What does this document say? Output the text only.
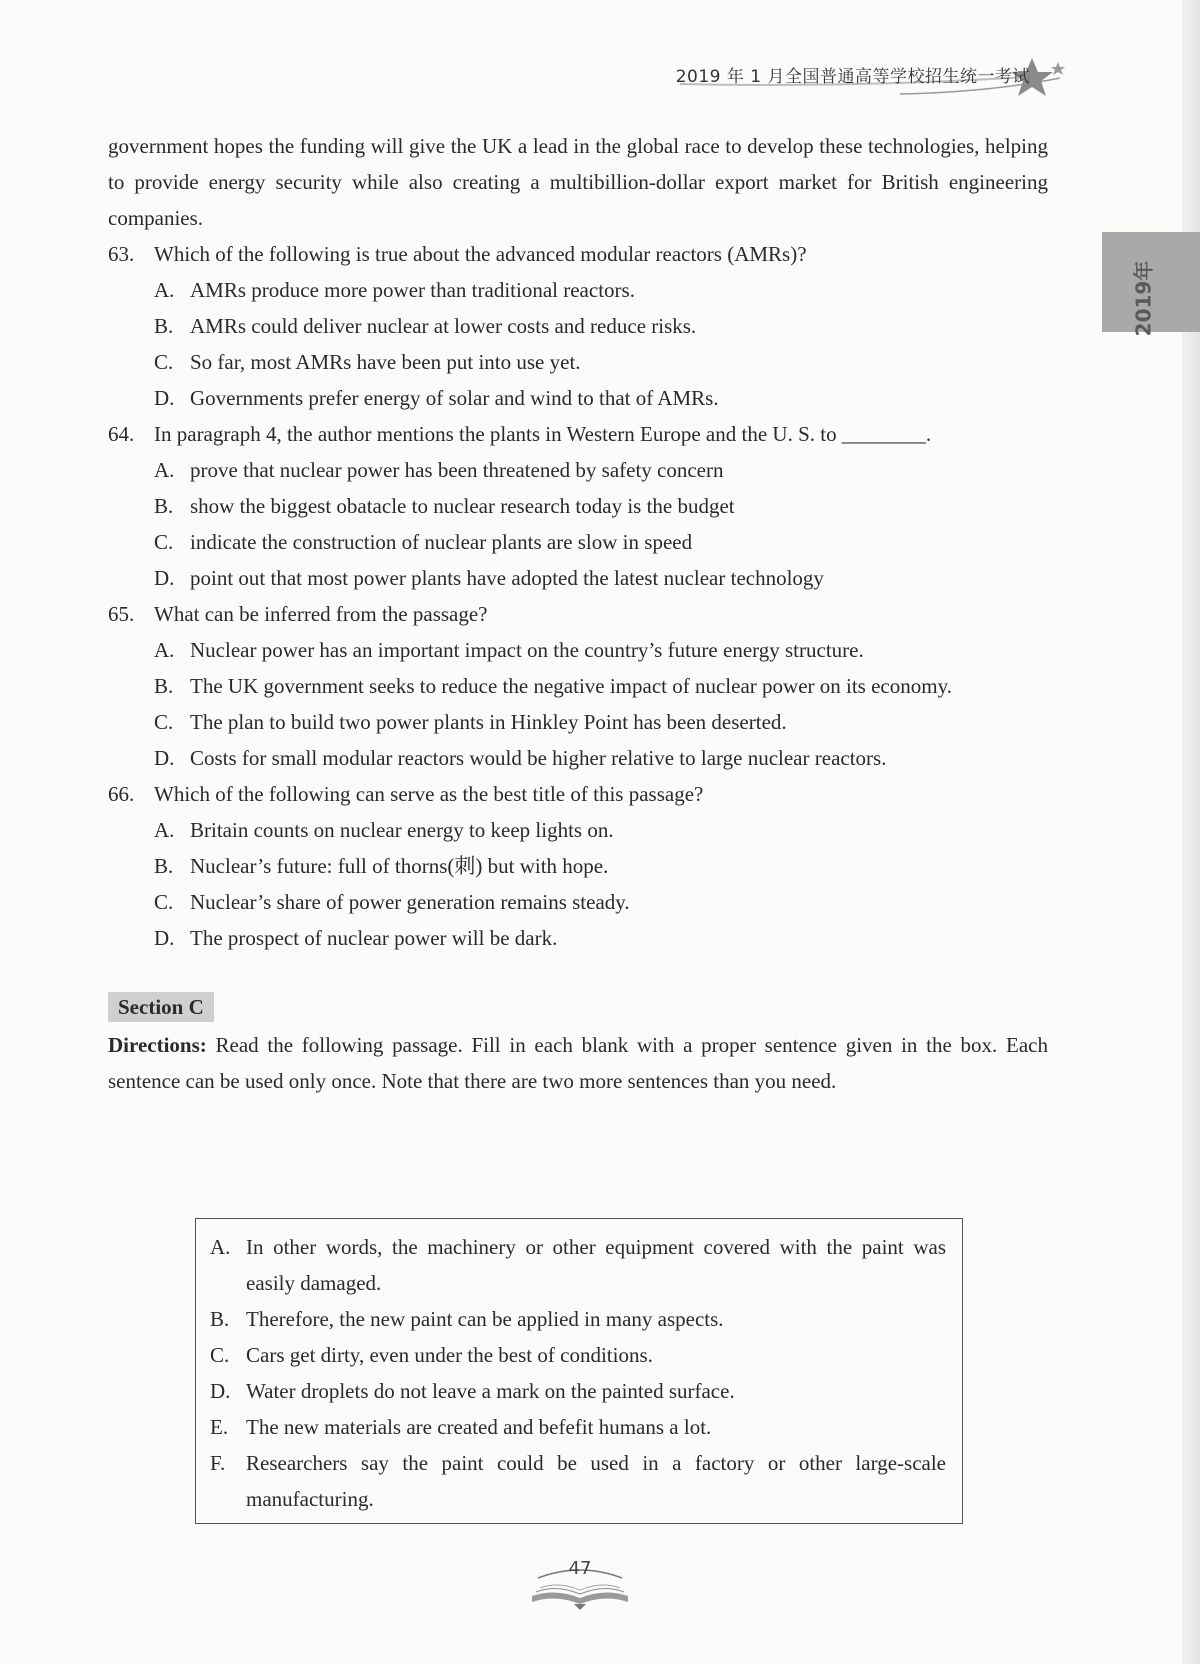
2019 年 1 月全国普通高等学校招生统一考试
2019年

government hopes the funding will give the UK a lead in the global race to develop these technologies, helping to provide energy security while also creating a multibillion-dollar export market for British engineering companies.

63. Which of the following is true about the advanced modular reactors (AMRs)?
A. AMRs produce more power than traditional reactors.
B. AMRs could deliver nuclear at lower costs and reduce risks.
C. So far, most AMRs have been put into use yet.
D. Governments prefer energy of solar and wind to that of AMRs.
64. In paragraph 4, the author mentions the plants in Western Europe and the U. S. to ________.
A. prove that nuclear power has been threatened by safety concern
B. show the biggest obatacle to nuclear research today is the budget
C. indicate the construction of nuclear plants are slow in speed
D. point out that most power plants have adopted the latest nuclear technology
65. What can be inferred from the passage?
A. Nuclear power has an important impact on the country’s future energy structure.
B. The UK government seeks to reduce the negative impact of nuclear power on its economy.
C. The plan to build two power plants in Hinkley Point has been deserted.
D. Costs for small modular reactors would be higher relative to large nuclear reactors.
66. Which of the following can serve as the best title of this passage?
A. Britain counts on nuclear energy to keep lights on.
B. Nuclear’s future: full of thorns(刺) but with hope.
C. Nuclear’s share of power generation remains steady.
D. The prospect of nuclear power will be dark.
Section C

Directions: Read the following passage. Fill in each blank with a proper sentence given in the box. Each sentence can be used only once. Note that there are two more sentences than you need.

A. In other words, the machinery or other equipment covered with the paint was easily damaged.
B. Therefore, the new paint can be applied in many aspects.
C. Cars get dirty, even under the best of conditions.
D. Water droplets do not leave a mark on the painted surface.
E. The new materials are created and befefit humans a lot.
F. Researchers say the paint could be used in a factory or other large-scale manufacturing.
47
